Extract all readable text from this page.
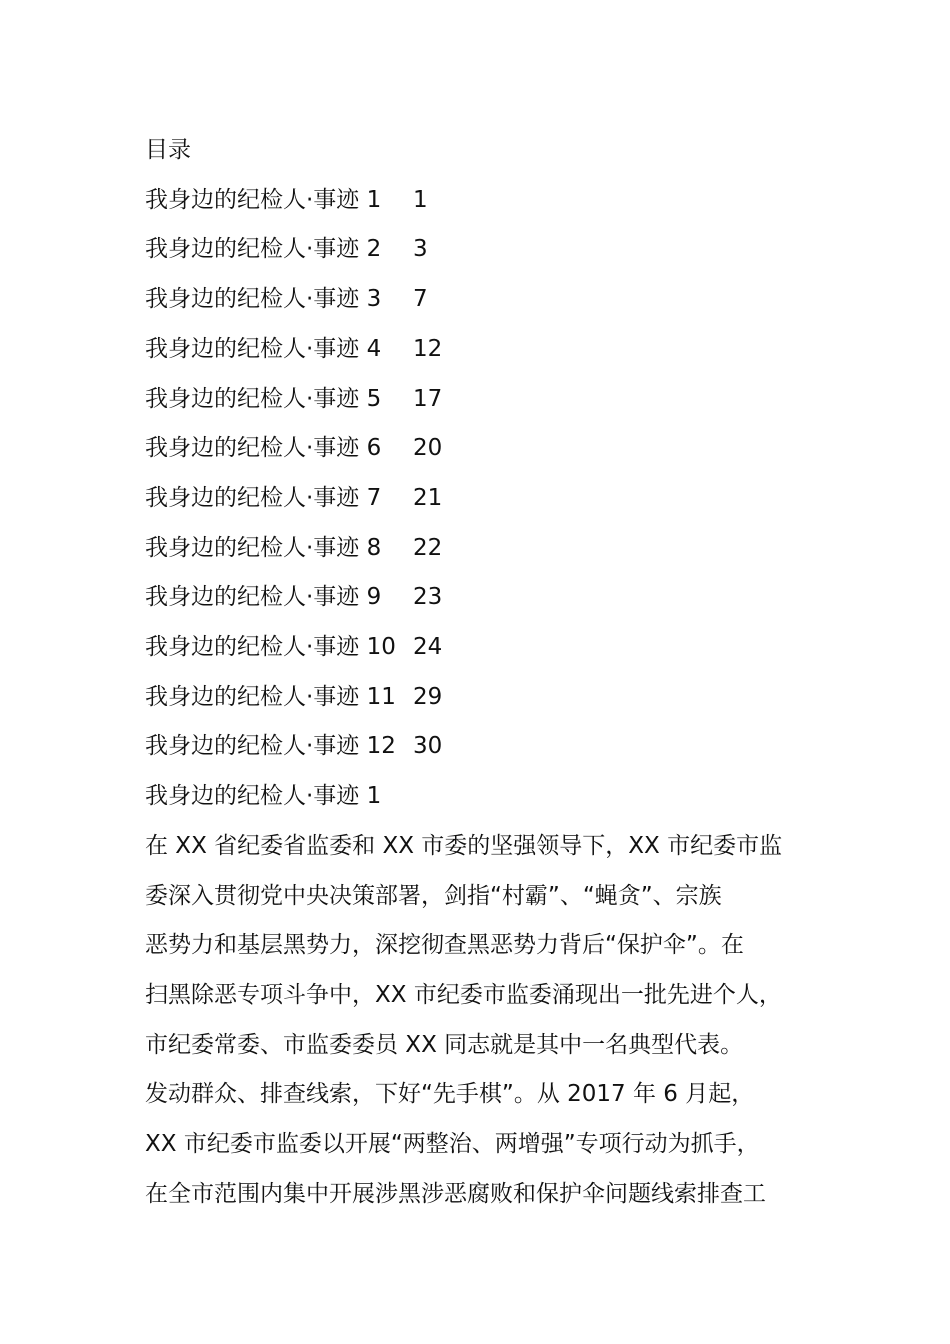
目录
我身边的纪检人·事迹 1	1
我身边的纪检人·事迹 2	3
我身边的纪检人·事迹 3	7
我身边的纪检人·事迹 4	12
我身边的纪检人·事迹 5	17
我身边的纪检人·事迹 6	20
我身边的纪检人·事迹 7	21
我身边的纪检人·事迹 8	22
我身边的纪检人·事迹 9	23
我身边的纪检人·事迹 10 24
我身边的纪检人·事迹 11 29
我身边的纪检人·事迹 12 30
我身边的纪检人·事迹 1
在 XX 省纪委省监委和 XX 市委的坚强领导下，XX 市纪委市监
委深入贯彻党中央决策部署，剑指“村霸”、“蝇贪”、宗族
恶势力和基层黑势力，深挖彻查黑恶势力背后“保护伞”。在
扫黑除恶专项斗争中，XX 市纪委市监委涌现出一批先进个人，
市纪委常委、市监委委员 XX 同志就是其中一名典型代表。
发动群众、排查线索，下好“先手棋”。从 2017 年 6 月起，
XX 市纪委市监委以开展“两整治、两增强”专项行动为抓手，
在全市范围内集中开展涉黑涉恶腐败和保护伞问题线索排查工
